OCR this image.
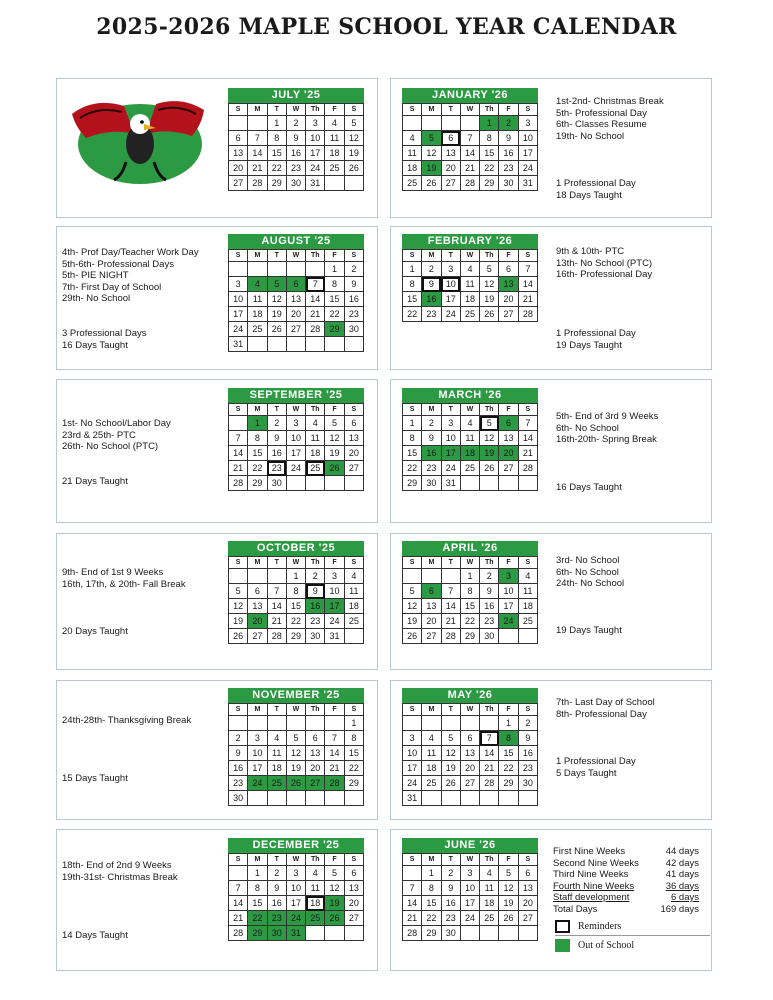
2025-2026 MAPLE SCHOOL YEAR CALENDAR
JULY '25
S	M	T	W	Th	F	S
		1	2	3	4	5
6	7	8	9	10	11	12
13	14	15	16	17	18	19
20	21	22	23	24	25	26
27	28	29	30	31		
AUGUST '25
S	M	T	W	Th	F	S
					1	2
3	4	5	6	7	8	9
10	11	12	13	14	15	16
17	18	19	20	21	22	23
24	25	26	27	28	29	30
31						
SEPTEMBER '25
S	M	T	W	Th	F	S
	1	2	3	4	5	6
7	8	9	10	11	12	13
14	15	16	17	18	19	20
21	22	23	24	25	26	27
28	29	30				
OCTOBER '25
S	M	T	W	Th	F	S
			1	2	3	4
5	6	7	8	9	10	11
12	13	14	15	16	17	18
19	20	21	22	23	24	25
26	27	28	29	30	31	
NOVEMBER '25
S	M	T	W	Th	F	S
						1
2	3	4	5	6	7	8
9	10	11	12	13	14	15
16	17	18	19	20	21	22
23	24	25	26	27	28	29
30						
DECEMBER '25
S	M	T	W	Th	F	S
	1	2	3	4	5	6
7	8	9	10	11	12	13
14	15	16	17	18	19	20
21	22	23	24	25	26	27
28	29	30	31			
JANUARY '26
S	M	T	W	Th	F	S
				1	2	3
4	5	6	7	8	9	10
11	12	13	14	15	16	17
18	19	20	21	22	23	24
25	26	27	28	29	30	31
FEBRUARY '26
S	M	T	W	Th	F	S
1	2	3	4	5	6	7
8	9	10	11	12	13	14
15	16	17	18	19	20	21
22	23	24	25	26	27	28
MARCH '26
S	M	T	W	Th	F	S
1	2	3	4	5	6	7
8	9	10	11	12	13	14
15	16	17	18	19	20	21
22	23	24	25	26	27	28
29	30	31				
APRIL '26
S	M	T	W	Th	F	S
			1	2	3	4
5	6	7	8	9	10	11
12	13	14	15	16	17	18
19	20	21	22	23	24	25
26	27	28	29	30		
MAY '26
S	M	T	W	Th	F	S
					1	2
3	4	5	6	7	8	9
10	11	12	13	14	15	16
17	18	19	20	21	22	23
24	25	26	27	28	29	30
31						
JUNE '26
S	M	T	W	Th	F	S
	1	2	3	4	5	6
7	8	9	10	11	12	13
14	15	16	17	18	19	20
21	22	23	24	25	26	27
28	29	30				
1st-2nd- Christmas Break
5th- Professional Day
6th- Classes Resume
19th- No School
1 Professional Day
18 Days Taught
9th & 10th- PTC
13th- No School (PTC)
16th- Professional Day
1 Professional Day
19 Days Taught
5th- End of 3rd 9 Weeks
6th- No School
16th-20th- Spring Break
16 Days Taught
3rd- No School
6th- No School
24th- No School
19 Days Taught
7th- Last Day of School
8th- Professional Day
1 Professional Day
5 Days Taught
4th- Prof Day/Teacher Work Day
5th-6th- Professional Days
5th- PIE NIGHT
7th- First Day of School
29th- No School
3 Professional Days
16 Days Taught
1st- No School/Labor Day
23rd & 25th- PTC
26th- No School (PTC)
21 Days Taught
9th- End of 1st 9 Weeks
16th, 17th, & 20th- Fall Break
20 Days Taught
24th-28th- Thanksgiving Break
15 Days Taught
18th- End of 2nd 9 Weeks
19th-31st- Christmas Break
14 Days Taught
First Nine Weeks	44 days
Second Nine Weeks	42 days
Third Nine Weeks	41 days
Fourth Nine Weeks	36 days
Staff development	6 days
Total Days	169 days
Reminders
Out of School
